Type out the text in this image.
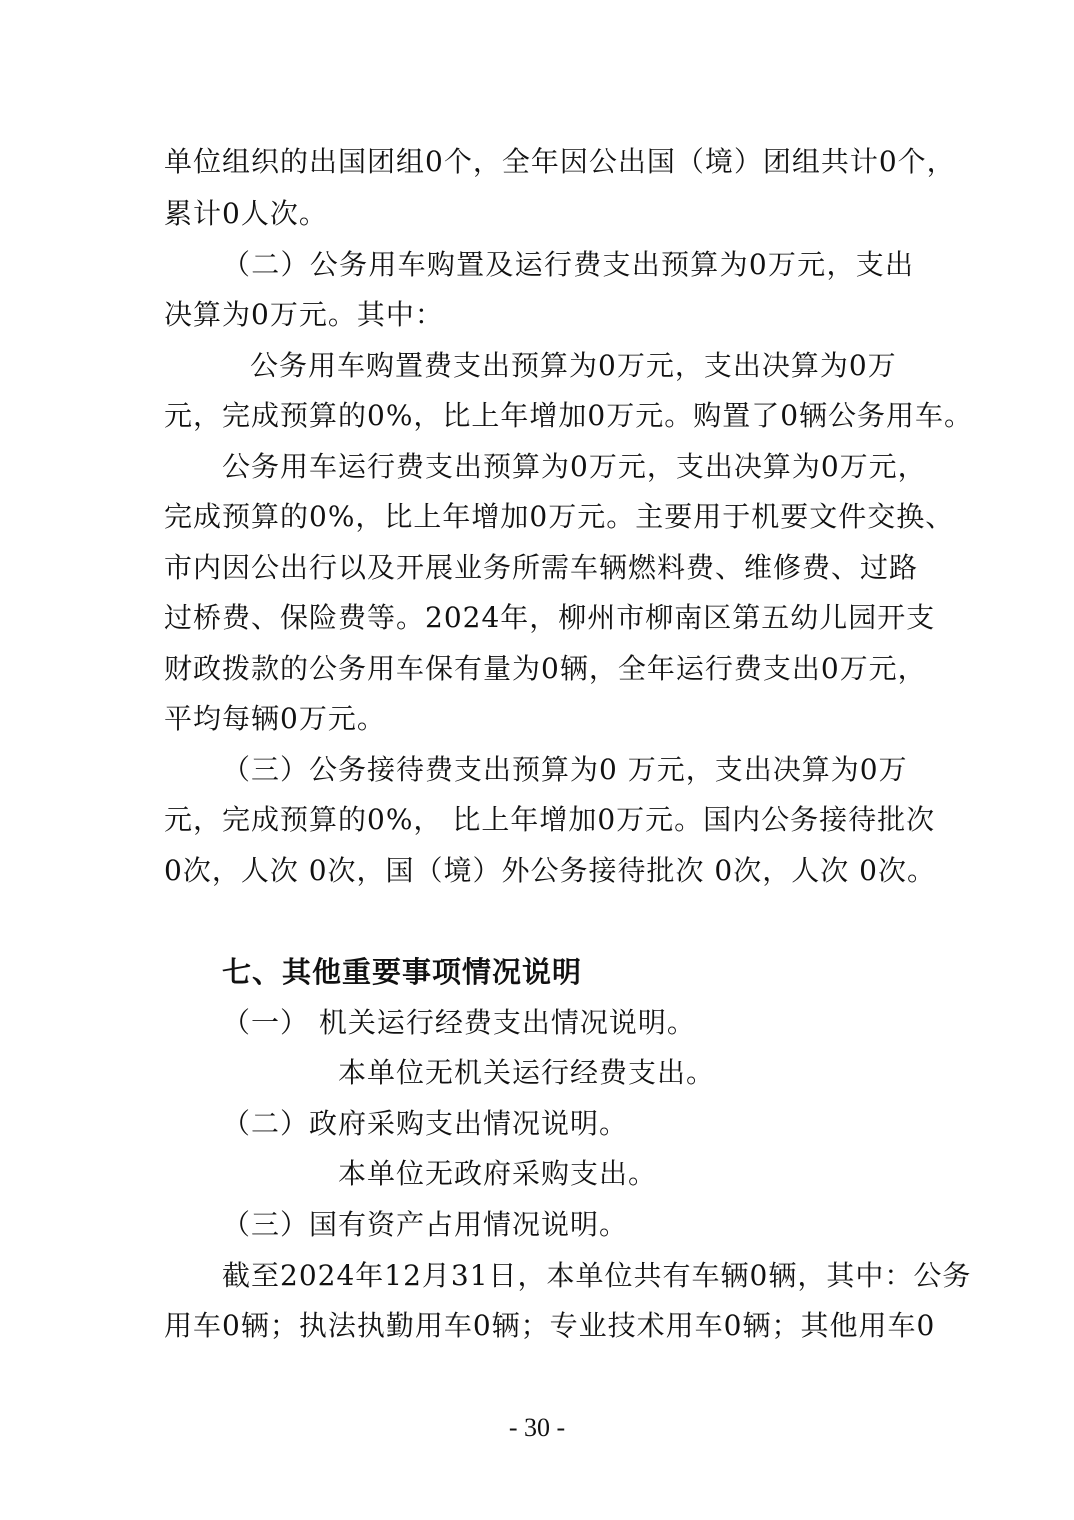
单位组织的出国团组0个，全年因公出国（境）团组共计0个，
累计0人次。
（二）公务用车购置及运行费支出预算为0万元，支出
决算为0万元。其中：
公务用车购置费支出预算为0万元，支出决算为0万
元，完成预算的0%，比上年增加0万元。购置了0辆公务用车。
公务用车运行费支出预算为0万元，支出决算为0万元，
完成预算的0%，比上年增加0万元。主要用于机要文件交换、
市内因公出行以及开展业务所需车辆燃料费、维修费、过路
过桥费、保险费等。2024年，柳州市柳南区第五幼儿园开支
财政拨款的公务用车保有量为0辆，全年运行费支出0万元，
平均每辆0万元。
（三）公务接待费支出预算为0 万元，支出决算为0万
元，完成预算的0%， 比上年增加0万元。国内公务接待批次
0次，人次 0次，国（境）外公务接待批次 0次，人次 0次。
七、其他重要事项情况说明
（一） 机关运行经费支出情况说明。
本单位无机关运行经费支出。
（二）政府采购支出情况说明。
本单位无政府采购支出。
（三）国有资产占用情况说明。
截至2024年12月31日，本单位共有车辆0辆，其中：公务
用车0辆；执法执勤用车0辆；专业技术用车0辆；其他用车0
- 30 -
